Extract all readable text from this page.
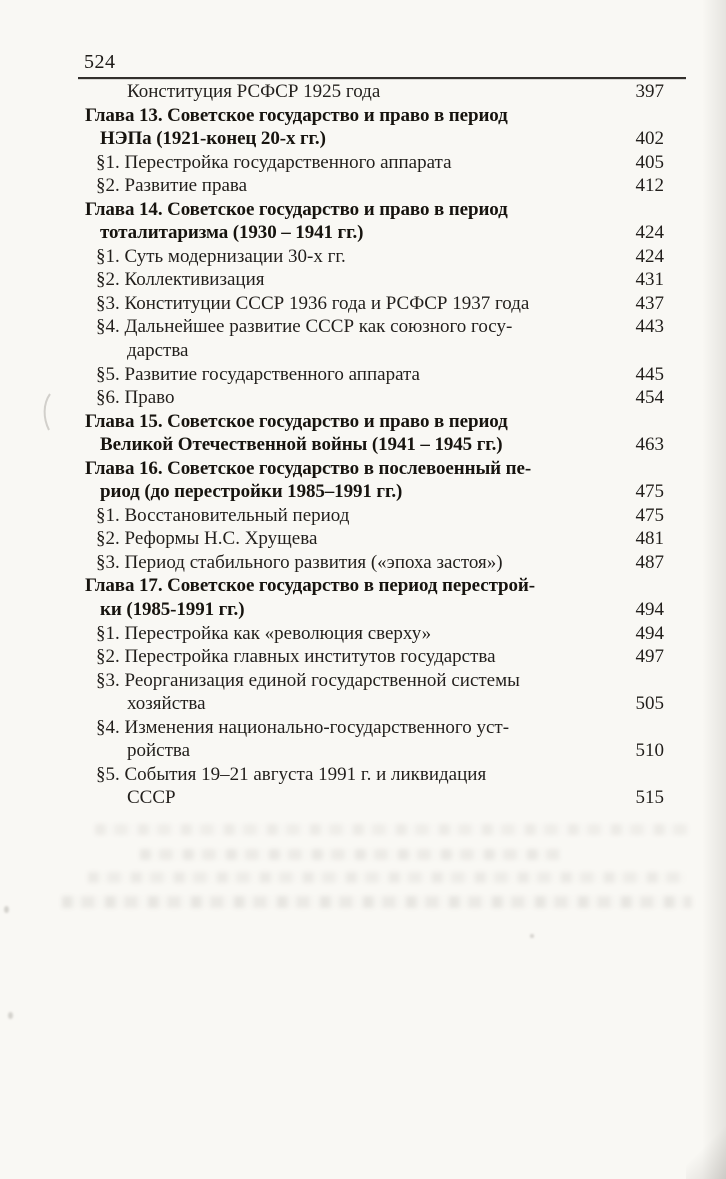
524
Конституция РСФСР 1925 года	397
Глава 13. Советское государство и право в период
НЭПа (1921-конец 20-х гг.)	402
§1. Перестройка государственного аппарата	405
§2. Развитие права	412
Глава 14. Советское государство и право в период
тоталитаризма (1930 – 1941 гг.)	424
§1. Суть модернизации 30-х гг.	424
§2. Коллективизация	431
§3. Конституции СССР 1936 года и РСФСР 1937 года	437
§4. Дальнейшее развитие СССР как союзного госу-	443
дарства
§5. Развитие государственного аппарата	445
§6. Право	454
Глава 15. Советское государство и право в период
Великой Отечественной войны (1941 – 1945 гг.)	463
Глава 16. Советское государство в послевоенный пе-
риод (до перестройки 1985–1991 гг.)	475
§1. Восстановительный период	475
§2. Реформы Н.С. Хрущева	481
§3. Период стабильного развития («эпоха застоя»)	487
Глава 17. Советское государство в период перестрой-
ки (1985-1991 гг.)	494
§1. Перестройка как «революция сверху»	494
§2. Перестройка главных институтов государства	497
§3. Реорганизация единой государственной системы
хозяйства	505
§4. Изменения национально-государственного уст-
ройства	510
§5. События 19–21 августа 1991 г. и ликвидация
СССР	515
